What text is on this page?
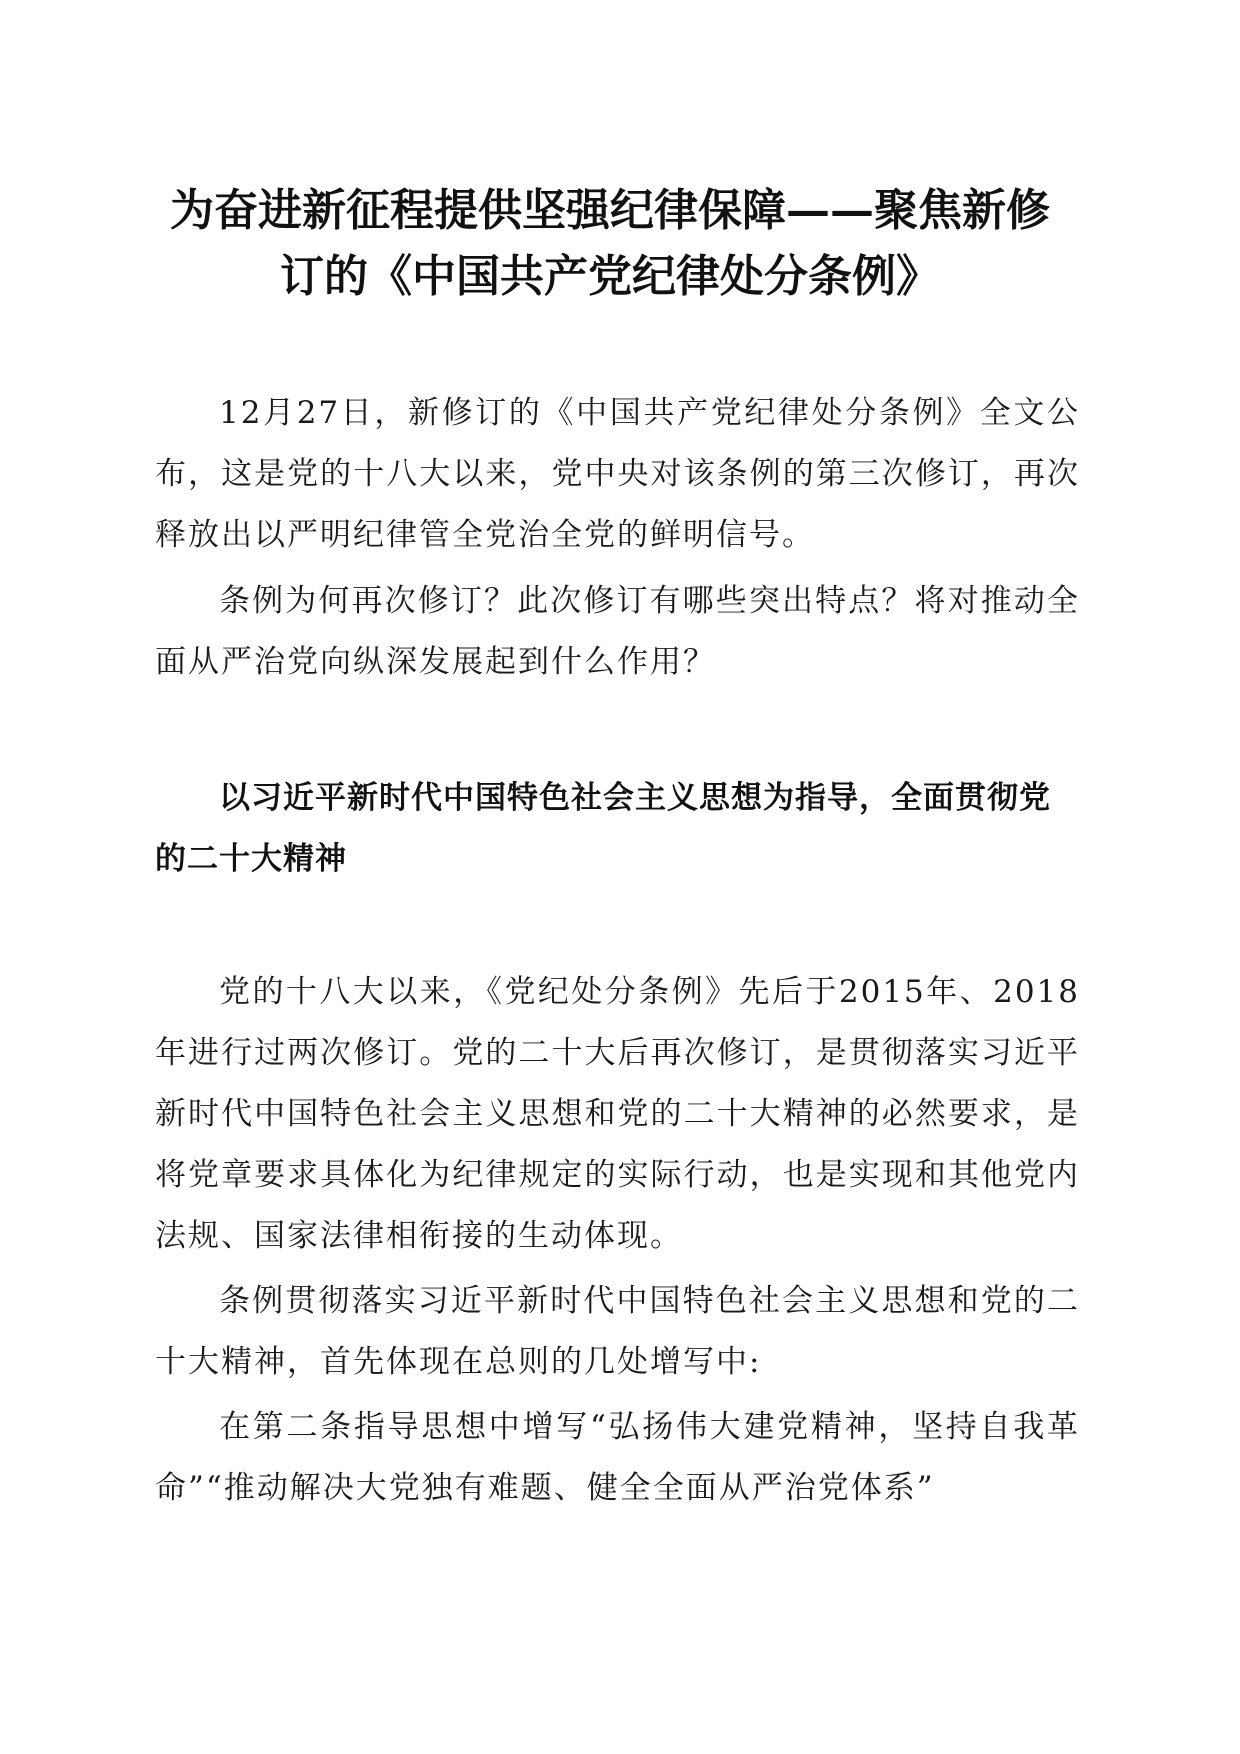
为奋进新征程提供坚强纪律保障——聚焦新修
订的《中国共产党纪律处分条例》

12月27日，新修订的《中国共产党纪律处分条例》全文公布，这是党的十八大以来，党中央对该条例的第三次修订，再次释放出以严明纪律管全党治全党的鲜明信号。

条例为何再次修订？此次修订有哪些突出特点？将对推动全面从严治党向纵深发展起到什么作用？

以习近平新时代中国特色社会主义思想为指导，全面贯彻党的二十大精神

党的十八大以来，《党纪处分条例》先后于2015年、2018年进行过两次修订。党的二十大后再次修订，是贯彻落实习近平新时代中国特色社会主义思想和党的二十大精神的必然要求，是将党章要求具体化为纪律规定的实际行动，也是实现和其他党内法规、国家法律相衔接的生动体现。

条例贯彻落实习近平新时代中国特色社会主义思想和党的二十大精神，首先体现在总则的几处增写中:

在第二条指导思想中增写“弘扬伟大建党精神，坚持自我革命”“推动解决大党独有难题、健全全面从严治党体系”
